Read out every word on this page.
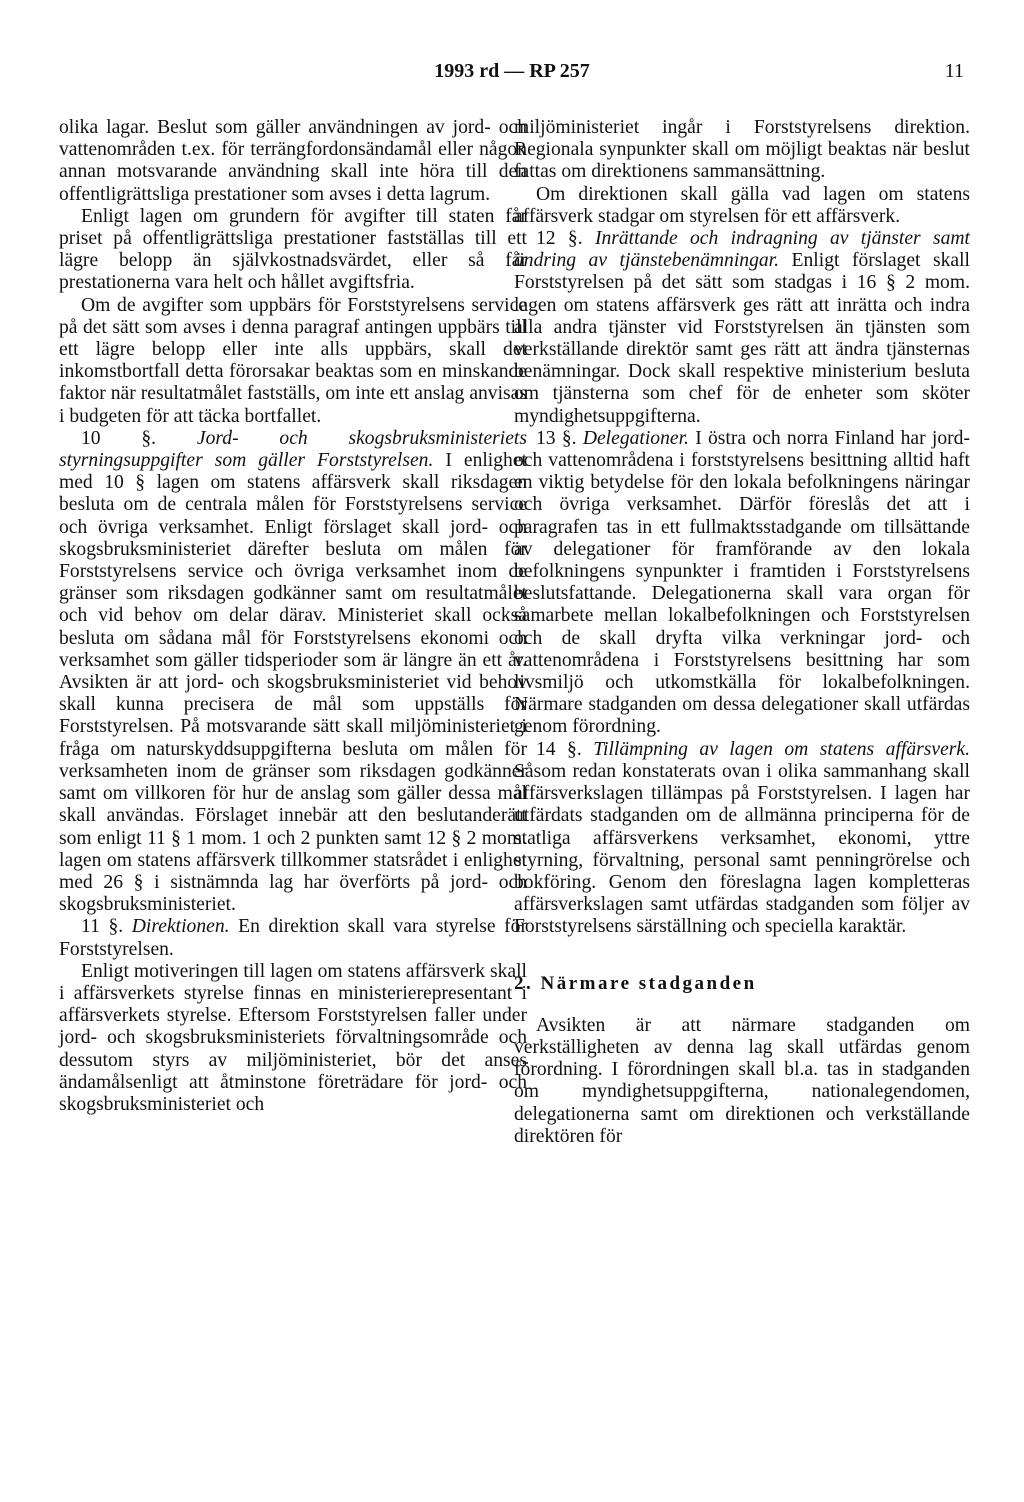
1993 rd — RP 257	11

olika lagar. Beslut som gäller användningen av jord- och vattenområden t.ex. för terrängfordonsändamål eller någon annan motsvarande användning skall inte höra till den offentligrättsliga prestationer som avses i detta lagrum.

Enligt lagen om grundern för avgifter till staten får priset på offentligrättsliga prestationer fastställas till ett lägre belopp än självkostnadsvärdet, eller så får prestationerna vara helt och hållet avgiftsfria.

Om de avgifter som uppbärs för Forststyrelsens service på det sätt som avses i denna paragraf antingen uppbärs till ett lägre belopp eller inte alls uppbärs, skall det inkomstbortfall detta förorsakar beaktas som en minskande faktor när resultatmålet fastställs, om inte ett anslag anvisas i budgeten för att täcka bortfallet.

10 §. Jord- och skogsbruksministeriets styrningsuppgifter som gäller Forststyrelsen. I enlighet med 10 § lagen om statens affärsverk skall riksdagen besluta om de centrala målen för Forststyrelsens service och övriga verksamhet. Enligt förslaget skall jord- och skogsbruksministeriet därefter besluta om målen för Forststyrelsens service och övriga verksamhet inom de gränser som riksdagen godkänner samt om resultatmålet och vid behov om delar därav. Ministeriet skall också besluta om sådana mål för Forststyrelsens ekonomi och verksamhet som gäller tidsperioder som är längre än ett år. Avsikten är att jord- och skogsbruksministeriet vid behov skall kunna precisera de mål som uppställs för Forststyrelsen. På motsvarande sätt skall miljöministeriet i fråga om naturskyddsuppgifterna besluta om målen för verksamheten inom de gränser som riksdagen godkänner samt om villkoren för hur de anslag som gäller dessa mål skall användas. Förslaget innebär att den beslutanderätt som enligt 11 § 1 mom. 1 och 2 punkten samt 12 § 2 mom. lagen om statens affärsverk tillkommer statsrådet i enlighet med 26 § i sistnämnda lag har överförts på jord- och skogsbruksministeriet.

11 §. Direktionen. En direktion skall vara styrelse för Forststyrelsen.

Enligt motiveringen till lagen om statens affärsverk skall i affärsverkets styrelse finnas en ministerierepresentant i affärsverkets styrelse. Eftersom Forststyrelsen faller under jord- och skogsbruksministeriets förvaltningsområde och dessutom styrs av miljöministeriet, bör det anses ändamålsenligt att åtminstone företrädare för jord- och skogsbruksministeriet och

miljöministeriet ingår i Forststyrelsens direktion. Regionala synpunkter skall om möjligt beaktas när beslut fattas om direktionens sammansättning.

Om direktionen skall gälla vad lagen om statens affärsverk stadgar om styrelsen för ett affärsverk.

12 §. Inrättande och indragning av tjänster samt ändring av tjänstebenämningar. Enligt förslaget skall Forststyrelsen på det sätt som stadgas i 16 § 2 mom. lagen om statens affärsverk ges rätt att inrätta och indra alla andra tjänster vid Forststyrelsen än tjänsten som verkställande direktör samt ges rätt att ändra tjänsternas benämningar. Dock skall respektive ministerium besluta om tjänsterna som chef för de enheter som sköter myndighetsuppgifterna.

13 §. Delegationer. I östra och norra Finland har jord- och vattenområdena i forststyrelsens besittning alltid haft en viktig betydelse för den lokala befolkningens näringar och övriga verksamhet. Därför föreslås det att i paragrafen tas in ett fullmaktsstadgande om tillsättande av delegationer för framförande av den lokala befolkningens synpunkter i framtiden i Forststyrelsens beslutsfattande. Delegationerna skall vara organ för samarbete mellan lokalbefolkningen och Forststyrelsen och de skall dryfta vilka verkningar jord- och vattenområdena i Forststyrelsens besittning har som livsmiljö och utkomstkälla för lokalbefolkningen. Närmare stadganden om dessa delegationer skall utfärdas genom förordning.

14 §. Tillämpning av lagen om statens affärsverk. Såsom redan konstaterats ovan i olika sammanhang skall affärsverkslagen tillämpas på Forststyrelsen. I lagen har utfärdats stadganden om de allmänna principerna för de statliga affärsverkens verksamhet, ekonomi, yttre styrning, förvaltning, personal samt penningrörelse och bokföring. Genom den föreslagna lagen kompletteras affärsverkslagen samt utfärdas stadganden som följer av Forststyrelsens särställning och speciella karaktär.

2. Närmare stadganden

Avsikten är att närmare stadganden om verkställigheten av denna lag skall utfärdas genom förordning. I förordningen skall bl.a. tas in stadganden om myndighetsuppgifterna, nationalegendomen, delegationerna samt om direktionen och verkställande direktören för
